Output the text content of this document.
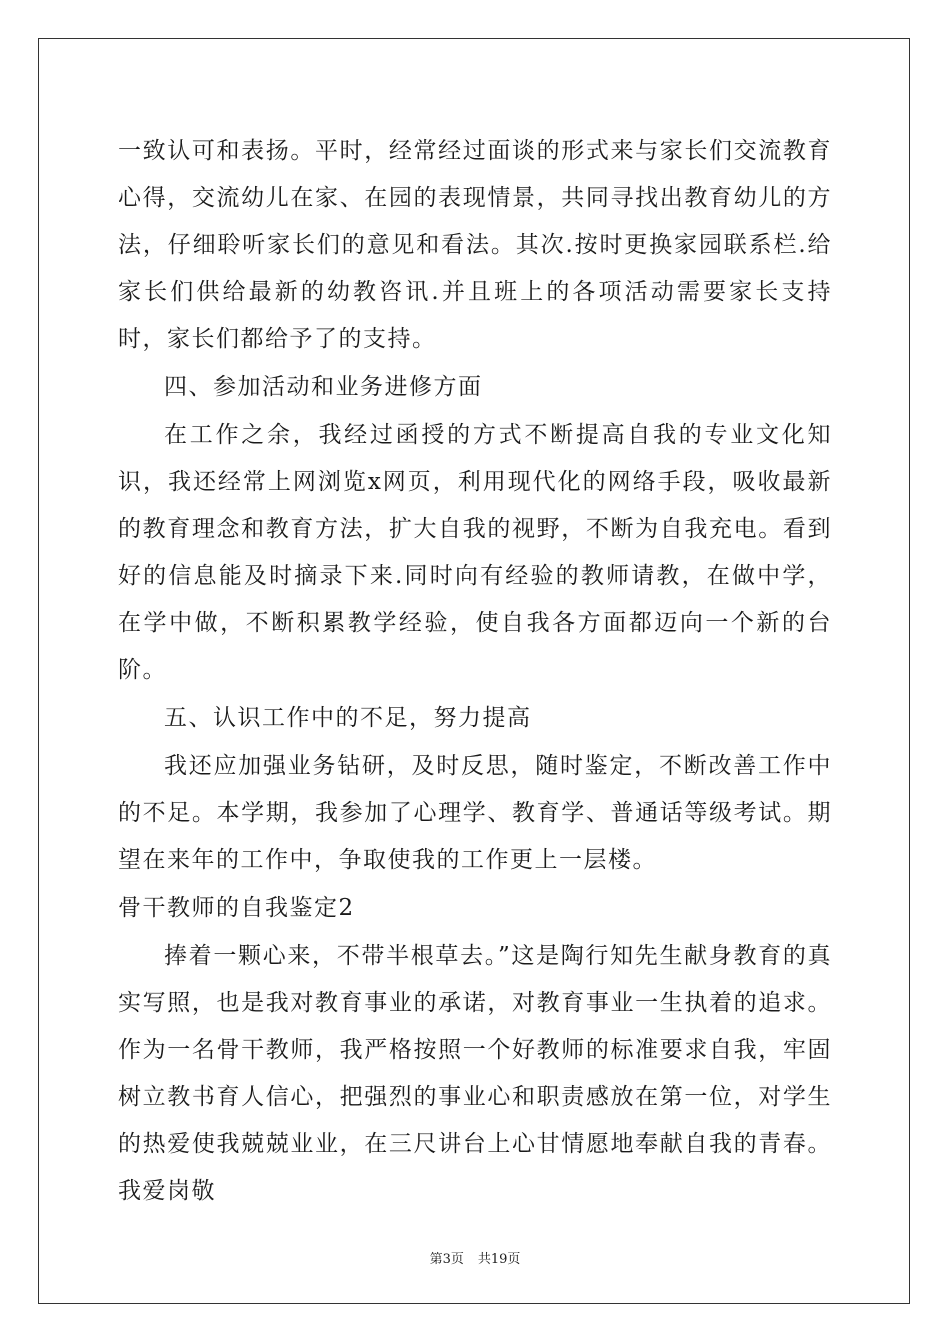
一致认可和表扬。平时，经常经过面谈的形式来与家长们交流教育心得，交流幼儿在家、在园的表现情景，共同寻找出教育幼儿的方法，仔细聆听家长们的意见和看法。其次.按时更换家园联系栏.给家长们供给最新的幼教咨讯.并且班上的各项活动需要家长支持时，家长们都给予了的支持。

四、参加活动和业务进修方面

在工作之余，我经过函授的方式不断提高自我的专业文化知识，我还经常上网浏览x网页，利用现代化的网络手段，吸收最新的教育理念和教育方法，扩大自我的视野，不断为自我充电。看到好的信息能及时摘录下来.同时向有经验的教师请教，在做中学，在学中做，不断积累教学经验，使自我各方面都迈向一个新的台阶。

五、认识工作中的不足，努力提高

我还应加强业务钻研，及时反思，随时鉴定，不断改善工作中的不足。本学期，我参加了心理学、教育学、普通话等级考试。期望在来年的工作中，争取使我的工作更上一层楼。

骨干教师的自我鉴定2

捧着一颗心来，不带半根草去。”这是陶行知先生献身教育的真实写照，也是我对教育事业的承诺，对教育事业一生执着的追求。作为一名骨干教师，我严格按照一个好教师的标准要求自我，牢固树立教书育人信心，把强烈的事业心和职责感放在第一位，对学生的热爱使我兢兢业业，在三尺讲台上心甘情愿地奉献自我的青春。我爱岗敬

第3页 共19页
